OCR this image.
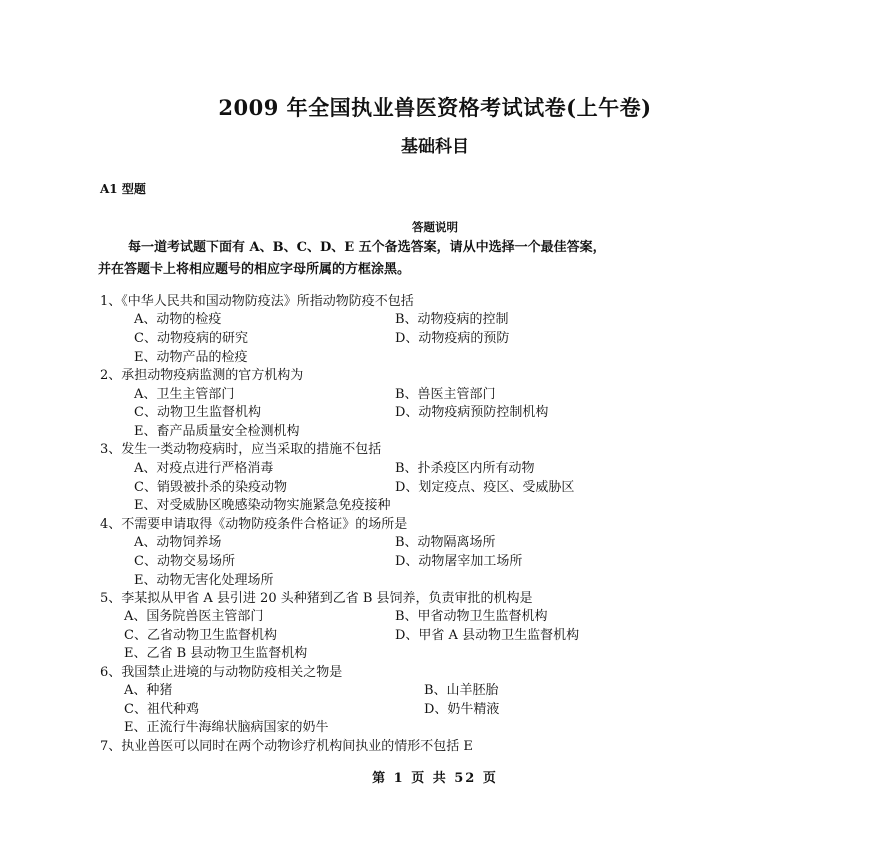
2009 年全国执业兽医资格考试试卷(上午卷)
基础科目
A1 型题
答题说明
每一道考试题下面有 A、B、C、D、E 五个备选答案，请从中选择一个最佳答案，
并在答题卡上将相应题号的相应字母所属的方框涂黑。
1、《中华人民共和国动物防疫法》所指动物防疫不包括
A、动物的检疫	B、动物疫病的控制
C、动物疫病的研究	D、动物疫病的预防
E、动物产品的检疫
2、承担动物疫病监测的官方机构为
A、卫生主管部门	B、兽医主管部门
C、动物卫生监督机构	D、动物疫病预防控制机构
E、畜产品质量安全检测机构
3、发生一类动物疫病时，应当采取的措施不包括
A、对疫点进行严格消毒	B、扑杀疫区内所有动物
C、销毁被扑杀的染疫动物	D、划定疫点、疫区、受威胁区
E、对受威胁区晚感染动物实施紧急免疫接种
4、不需要申请取得《动物防疫条件合格证》的场所是
A、动物饲养场	B、动物隔离场所
C、动物交易场所	D、动物屠宰加工场所
E、动物无害化处理场所
5、李某拟从甲省 A 县引进 20 头种猪到乙省 B 县饲养，负责审批的机构是
A、国务院兽医主管部门	B、甲省动物卫生监督机构
C、乙省动物卫生监督机构	D、甲省 A 县动物卫生监督机构
E、乙省 B 县动物卫生监督机构
6、我国禁止进境的与动物防疫相关之物是
A、种猪	B、山羊胚胎
C、祖代种鸡	D、奶牛精液
E、正流行牛海绵状脑病国家的奶牛
7、执业兽医可以同时在两个动物诊疗机构间执业的情形不包括 E
第 1 页 共 52 页
